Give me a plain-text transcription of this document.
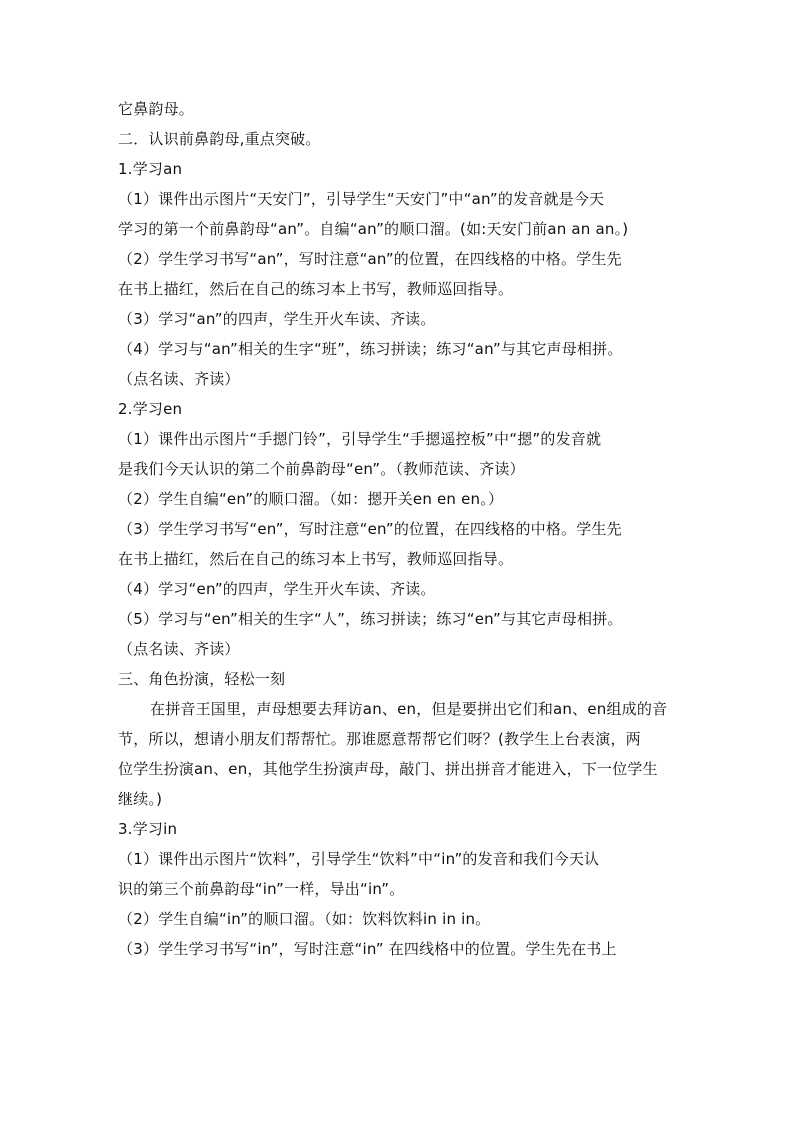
它鼻韵母。
二．认识前鼻韵母,重点突破。
1.学习an
（1）课件出示图片“天安门”，引导学生“天安门”中“an”的发音就是今天
学习的第一个前鼻韵母“an”。自编“an”的顺口溜。(如:天安门前an an an。)
（2）学生学习书写“an”，写时注意“an”的位置，在四线格的中格。学生先
在书上描红，然后在自己的练习本上书写，教师巡回指导。
（3）学习“an”的四声，学生开火车读、齐读。
（4）学习与“an”相关的生字“班”，练习拼读；练习“an”与其它声母相拼。
（点名读、齐读）
2.学习en
（1）课件出示图片“手摁门铃”，引导学生“手摁遥控板”中“摁”的发音就
是我们今天认识的第二个前鼻韵母“en”。（教师范读、齐读）
（2）学生自编“en”的顺口溜。（如：摁开关en en en。）
（3）学生学习书写“en”，写时注意“en”的位置，在四线格的中格。学生先
在书上描红，然后在自己的练习本上书写，教师巡回指导。
（4）学习“en”的四声，学生开火车读、齐读。
（5）学习与“en”相关的生字“人”，练习拼读；练习“en”与其它声母相拼。
（点名读、齐读）
三、角色扮演，轻松一刻
在拼音王国里，声母想要去拜访an、en，但是要拼出它们和an、en组成的音
节，所以，想请小朋友们帮帮忙。那谁愿意帮帮它们呀？(教学生上台表演，两
位学生扮演an、en，其他学生扮演声母，敲门、拼出拼音才能进入，下一位学生
继续。)
3.学习in
（1）课件出示图片“饮料”，引导学生“饮料”中“in”的发音和我们今天认
识的第三个前鼻韵母“in”一样，导出“in”。
（2）学生自编“in”的顺口溜。（如：饮料饮料in in in。
（3）学生学习书写“in”，写时注意“in” 在四线格中的位置。学生先在书上
